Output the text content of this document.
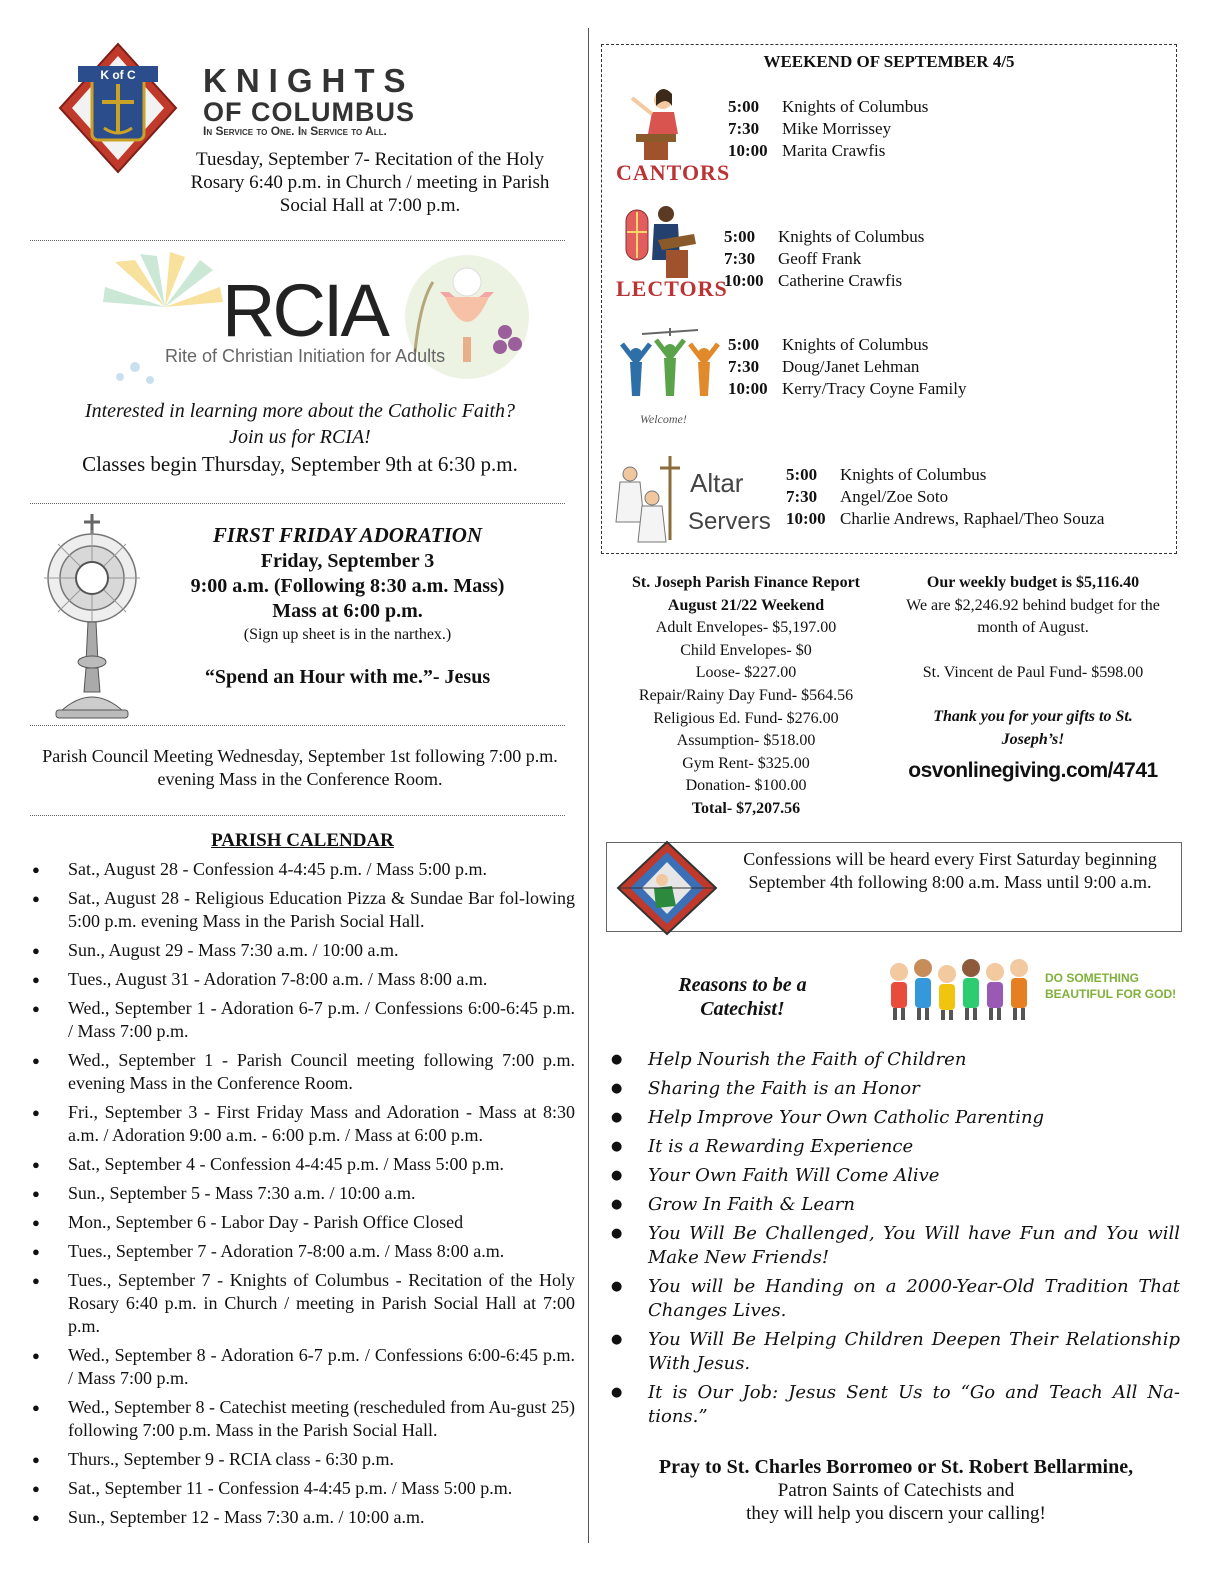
K of C KNIGHTS
OF COLUMBUS
In Service to One. In Service to All.
Tuesday, September 7- Recitation of the Holy Rosary 6:40 p.m. in Church / meeting in Parish Social Hall at 7:00 p.m.
RCIA
Rite of Christian Initiation for Adults
Interested in learning more about the Catholic Faith?
Join us for RCIA!
Classes begin Thursday, September 9th at 6:30 p.m.
FIRST FRIDAY ADORATION
Friday, September 3
9:00 a.m. (Following 8:30 a.m. Mass)
Mass at 6:00 p.m.
(Sign up sheet is in the narthex.)
“Spend an Hour with me.”- Jesus
Parish Council Meeting Wednesday, September 1st following 7:00 p.m. evening Mass in the Conference Room.
PARISH CALENDAR
● Sat., August 28 - Confession 4-4:45 p.m. / Mass 5:00 p.m.
● Sat., August 28 - Religious Education Pizza & Sundae Bar fol-lowing 5:00 p.m. evening Mass in the Parish Social Hall.
● Sun., August 29 - Mass 7:30 a.m. / 10:00 a.m.
● Tues., August 31 - Adoration 7-8:00 a.m. / Mass 8:00 a.m.
● Wed., September 1 - Adoration 6-7 p.m. / Confessions 6:00-6:45 p.m. / Mass 7:00 p.m.
● Wed., September 1 - Parish Council meeting following 7:00 p.m. evening Mass in the Conference Room.
● Fri., September 3 - First Friday Mass and Adoration - Mass at 8:30 a.m. / Adoration 9:00 a.m. - 6:00 p.m. / Mass at 6:00 p.m.
● Sat., September 4 - Confession 4-4:45 p.m. / Mass 5:00 p.m.
● Sun., September 5 - Mass 7:30 a.m. / 10:00 a.m.
● Mon., September 6 - Labor Day - Parish Office Closed
● Tues., September 7 - Adoration 7-8:00 a.m. / Mass 8:00 a.m.
● Tues., September 7 - Knights of Columbus - Recitation of the Holy Rosary 6:40 p.m. in Church / meeting in Parish Social Hall at 7:00 p.m.
● Wed., September 8 - Adoration 6-7 p.m. / Confessions 6:00-6:45 p.m. / Mass 7:00 p.m.
● Wed., September 8 - Catechist meeting (rescheduled from Au-gust 25) following 7:00 p.m. Mass in the Parish Social Hall.
● Thurs., September 9 - RCIA class - 6:30 p.m.
● Sat., September 11 - Confession 4-4:45 p.m. / Mass 5:00 p.m.
● Sun., September 12 - Mass 7:30 a.m. / 10:00 a.m.
WEEKEND OF SEPTEMBER 4/5
CANTORS
5:00 Knights of Columbus
7:30 Mike Morrissey
10:00 Marita Crawfis
LECTORS
5:00 Knights of Columbus
7:30 Geoff Frank
10:00 Catherine Crawfis
Welcome!
5:00 Knights of Columbus
7:30 Doug/Janet Lehman
10:00 Kerry/Tracy Coyne Family
Altar
Servers
5:00 Knights of Columbus
7:30 Angel/Zoe Soto
10:00 Charlie Andrews, Raphael/Theo Souza
St. Joseph Parish Finance Report
August 21/22 Weekend
Adult Envelopes- $5,197.00
Child Envelopes- $0
Loose- $227.00
Repair/Rainy Day Fund- $564.56
Religious Ed. Fund- $276.00
Assumption- $518.00
Gym Rent- $325.00
Donation- $100.00
Total- $7,207.56
Our weekly budget is $5,116.40
We are $2,246.92 behind budget for the month of August.
St. Vincent de Paul Fund- $598.00
Thank you for your gifts to St. Joseph’s!
osvonlinegiving.com/4741
Confessions will be heard every First Saturday beginning September 4th following 8:00 a.m. Mass until 9:00 a.m.
Reasons to be a
Catechist!
DO SOMETHING
BEAUTIFUL FOR GOD!
● Help Nourish the Faith of Children
● Sharing the Faith is an Honor
● Help Improve Your Own Catholic Parenting
● It is a Rewarding Experience
● Your Own Faith Will Come Alive
● Grow In Faith & Learn
● You Will Be Challenged, You Will have Fun and You will Make New Friends!
● You will be Handing on a 2000-Year-Old Tradition That Changes Lives.
● You Will Be Helping Children Deepen Their Relationship With Jesus.
● It is Our Job: Jesus Sent Us to “Go and Teach All Na-tions.”
Pray to St. Charles Borromeo or St. Robert Bellarmine,
Patron Saints of Catechists and
they will help you discern your calling!
